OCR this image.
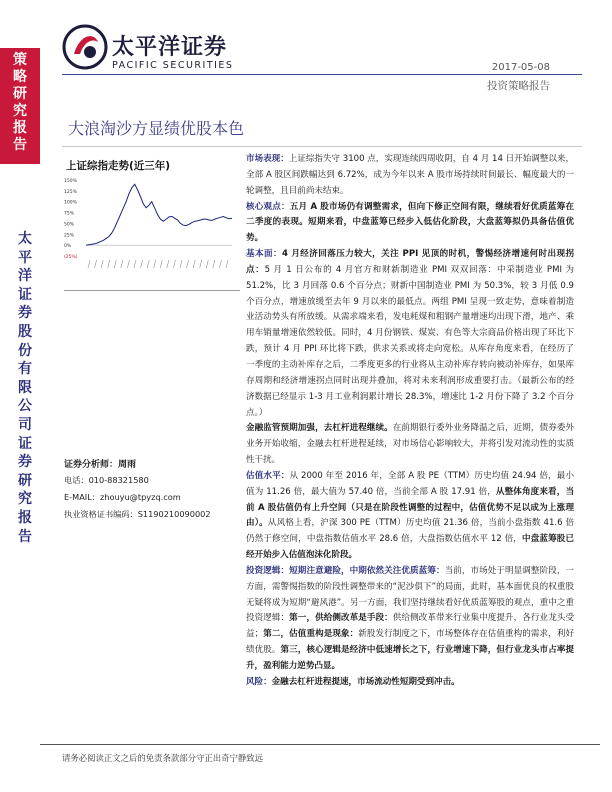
太平洋证券
PACIFIC SECURITIES	2017-05-08
投资策略报告
策
略
研
究
报
告
太
平
洋
证
券
股
份
有
限
公
司
证
券
研
究
报
告
大浪淘沙方显绩优股本色
上证综指走势(近三年)
150%
125%
100%
75%
50%
25%
0%
(25%)
证券分析师：周雨
电话：010-88321580
E-MAIL：zhouyu@tpyzq.com
执业资格证书编码：S1190210090002

市场表现：上证综指失守 3100 点，实现连续四周收阴，自 4 月 14 日开始调整以来，全部 A 股区间跌幅达到 6.72%，成为今年以来 A 股市场持续时间最长、幅度最大的一轮调整，且目前尚未结束。

核心观点：五月 A 股市场仍有调整需求，但向下修正空间有限，继续看好优质蓝筹在二季度的表现。短期来看，中盘蓝筹已经步入低估化阶段，大盘蓝筹拟仍具备估值优势。

基本面：4 月经济回落压力较大，关注 PPI 见顶的时机，警惕经济增速何时出现拐点：5 月 1 日公布的 4 月官方和财新制造业 PMI 双双回落：中采制造业 PMI 为 51.2%，比 3 月回落 0.6 个百分点；财新中国制造业 PMI 为 50.3%，较 3 月低 0.9 个百分点，增速放缓至去年 9 月以来的最低点。两组 PMI 呈现一致走势，意味着制造业活动势头有所放缓。从需求端来看，发电耗煤和粗钢产量增速均出现下滑，地产、乘用车销量增速依然较低。同时，4 月份钢铁、煤炭、有色等大宗商品价格出现了环比下跌，预计 4 月 PPI 环比将下跌，供求关系或将走向宽松。从库存角度来看，在经历了一季度的主动补库存之后，二季度更多的行业将从主动补库存转向被动补库存，如果库存周期和经济增速拐点同时出现并叠加，将对未来利润形成重要打击。（最新公布的经济数据已经显示 1-3 月工业利润累计增长 28.3%，增速比 1-2 月份下降了 3.2 个百分点。）

金融监管预期加强，去杠杆进程继续。在前期银行委外业务降温之后，近期，债券委外业务开始收缩，金融去杠杆进程延续，对市场信心影响较大，并将引发对流动性的实质性干扰。

估值水平：从 2000 年至 2016 年，全部 A 股 PE（TTM）历史均值 24.94 倍，最小值为 11.26 倍，最大值为 57.40 倍，当前全部 A 股 17.91 倍，从整体角度来看，当前 A 股估值仍有上升空间（只是在阶段性调整的过程中，估值优势不足以成为上涨理由）。从风格上看，沪深 300 PE（TTM）历史均值 21.36 倍，当前小盘指数 41.6 倍仍然于修空间，中盘指数估值水平 28.6 倍，大盘指数估值水平 12 倍，中盘蓝筹股已经开始步入估值泡沫化阶段。

投资逻辑：短期注意避险，中期依然关注优质蓝筹：当前，市场处于明显调整阶段，一方面，需警惕指数的阶段性调整带来的“泥沙俱下”的局面，此时，基本面优良的权重股无疑将成为短期“避风港”。另一方面，我们坚持继续看好优质蓝筹股的观点，重中之重投资逻辑：第一，供给侧改革是手段：供给侧改革带来行业集中度提升，各行业龙头受益；第二，估值重构是现象：新股发行制度之下，市场整体存在估值重构的需求，利好绩优股。第三，核心逻辑是经济中低速增长之下，行业增速下降，但行业龙头市占率提升，盈利能力逆势凸显。

风险：金融去杠杆进程提速，市场流动性短期受到冲击。

请务必阅读正文之后的免责条款部分守正出奇宁静致远
